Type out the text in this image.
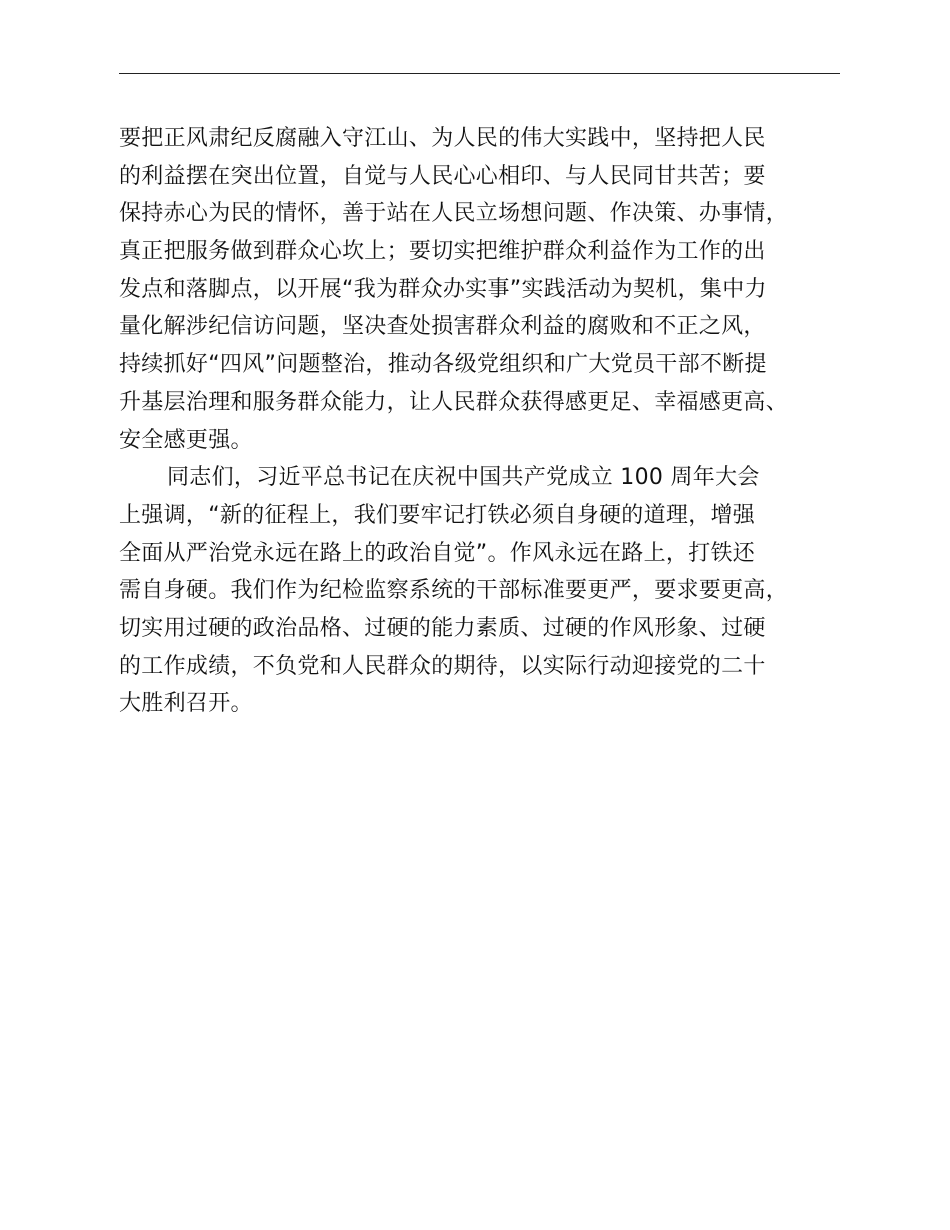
要把正风肃纪反腐融入守江山、为人民的伟大实践中，坚持把人民
的利益摆在突出位置，自觉与人民心心相印、与人民同甘共苦；要
保持赤心为民的情怀，善于站在人民立场想问题、作决策、办事情，
真正把服务做到群众心坎上；要切实把维护群众利益作为工作的出
发点和落脚点，以开展“我为群众办实事”实践活动为契机，集中力
量化解涉纪信访问题，坚决查处损害群众利益的腐败和不正之风，
持续抓好“四风”问题整治，推动各级党组织和广大党员干部不断提
升基层治理和服务群众能力，让人民群众获得感更足、幸福感更高、
安全感更强。
同志们，习近平总书记在庆祝中国共产党成立 100 周年大会
上强调，“新的征程上，我们要牢记打铁必须自身硬的道理，增强
全面从严治党永远在路上的政治自觉”。作风永远在路上，打铁还
需自身硬。我们作为纪检监察系统的干部标准要更严，要求要更高，
切实用过硬的政治品格、过硬的能力素质、过硬的作风形象、过硬
的工作成绩，不负党和人民群众的期待，以实际行动迎接党的二十
大胜利召开。
